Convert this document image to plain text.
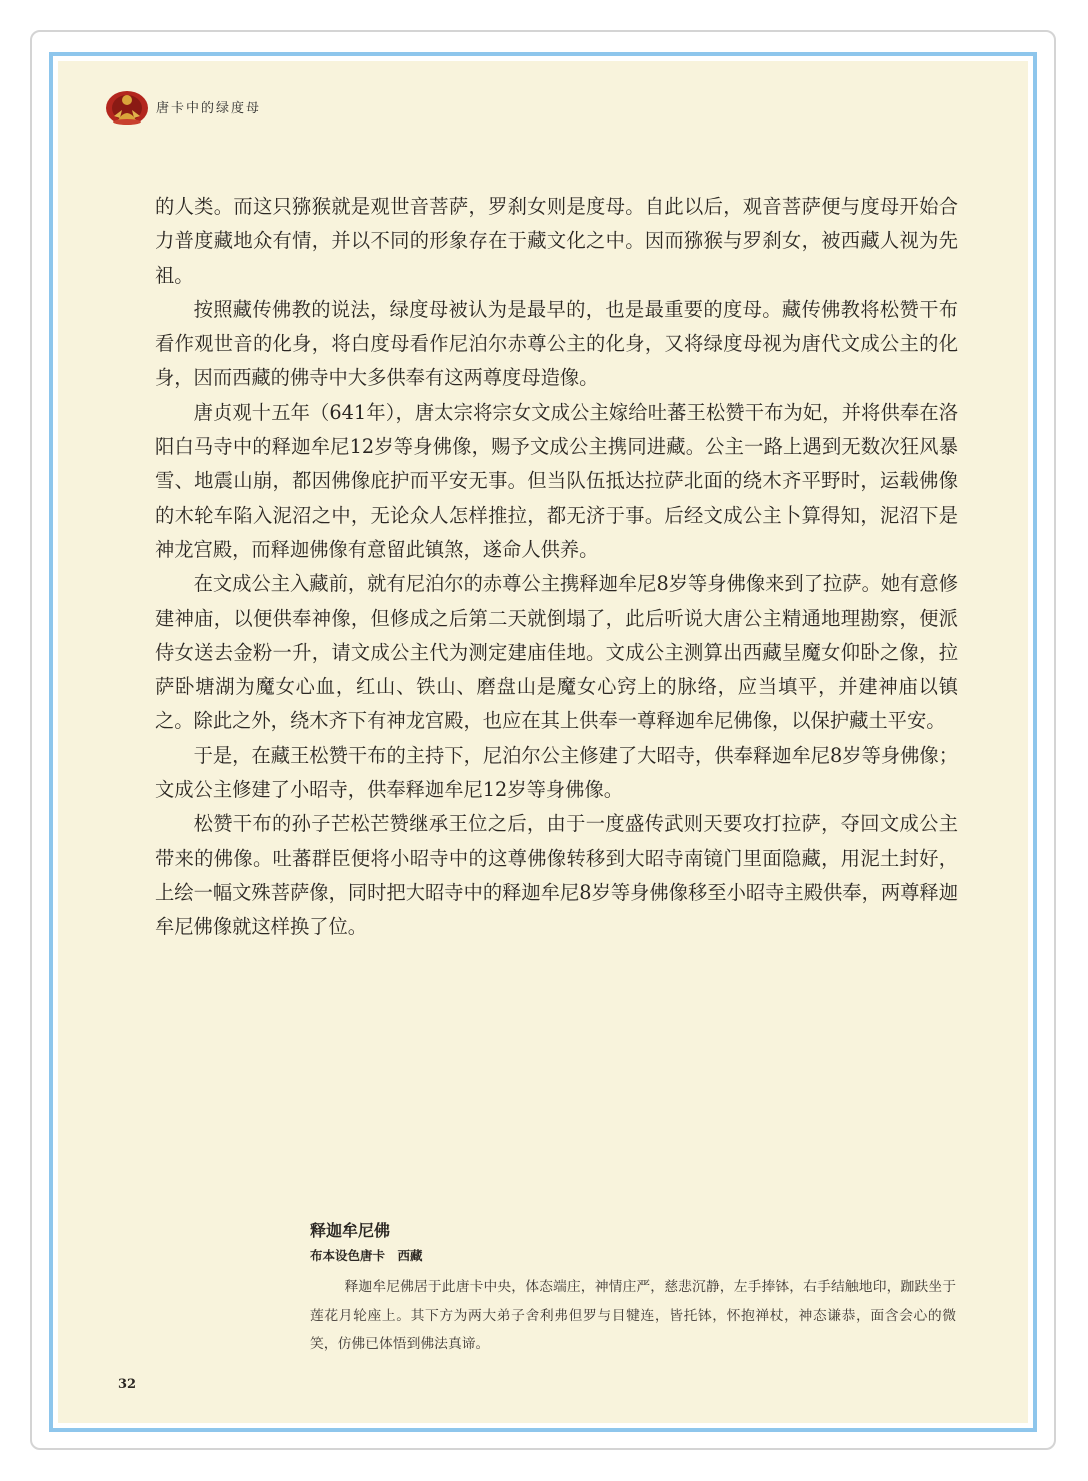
唐卡中的绿度母

的人类。而这只猕猴就是观世音菩萨，罗刹女则是度母。自此以后，观音菩萨便与度母开始合力普度藏地众有情，并以不同的形象存在于藏文化之中。因而猕猴与罗刹女，被西藏人视为先祖。

按照藏传佛教的说法，绿度母被认为是最早的，也是最重要的度母。藏传佛教将松赞干布看作观世音的化身，将白度母看作尼泊尔赤尊公主的化身，又将绿度母视为唐代文成公主的化身，因而西藏的佛寺中大多供奉有这两尊度母造像。

唐贞观十五年（641年），唐太宗将宗女文成公主嫁给吐蕃王松赞干布为妃，并将供奉在洛阳白马寺中的释迦牟尼12岁等身佛像，赐予文成公主携同进藏。公主一路上遇到无数次狂风暴雪、地震山崩，都因佛像庇护而平安无事。但当队伍抵达拉萨北面的绕木齐平野时，运载佛像的木轮车陷入泥沼之中，无论众人怎样推拉，都无济于事。后经文成公主卜算得知，泥沼下是神龙宫殿，而释迦佛像有意留此镇煞，遂命人供养。

在文成公主入藏前，就有尼泊尔的赤尊公主携释迦牟尼8岁等身佛像来到了拉萨。她有意修建神庙，以便供奉神像，但修成之后第二天就倒塌了，此后听说大唐公主精通地理勘察，便派侍女送去金粉一升，请文成公主代为测定建庙佳地。文成公主测算出西藏呈魔女仰卧之像，拉萨卧塘湖为魔女心血，红山、铁山、磨盘山是魔女心窍上的脉络，应当填平，并建神庙以镇之。除此之外，绕木齐下有神龙宫殿，也应在其上供奉一尊释迦牟尼佛像，以保护藏土平安。

于是，在藏王松赞干布的主持下，尼泊尔公主修建了大昭寺，供奉释迦牟尼8岁等身佛像；文成公主修建了小昭寺，供奉释迦牟尼12岁等身佛像。

松赞干布的孙子芒松芒赞继承王位之后，由于一度盛传武则天要攻打拉萨，夺回文成公主带来的佛像。吐蕃群臣便将小昭寺中的这尊佛像转移到大昭寺南镜门里面隐藏，用泥土封好，上绘一幅文殊菩萨像，同时把大昭寺中的释迦牟尼8岁等身佛像移至小昭寺主殿供奉，两尊释迦牟尼佛像就这样换了位。

释迦牟尼佛
布本设色唐卡　西藏

释迦牟尼佛居于此唐卡中央，体态端庄，神情庄严，慈悲沉静，左手捧钵，右手结触地印，跏趺坐于莲花月轮座上。其下方为两大弟子舍利弗但罗与目犍连，皆托钵，怀抱禅杖，神态谦恭，面含会心的微笑，仿佛已体悟到佛法真谛。

32
